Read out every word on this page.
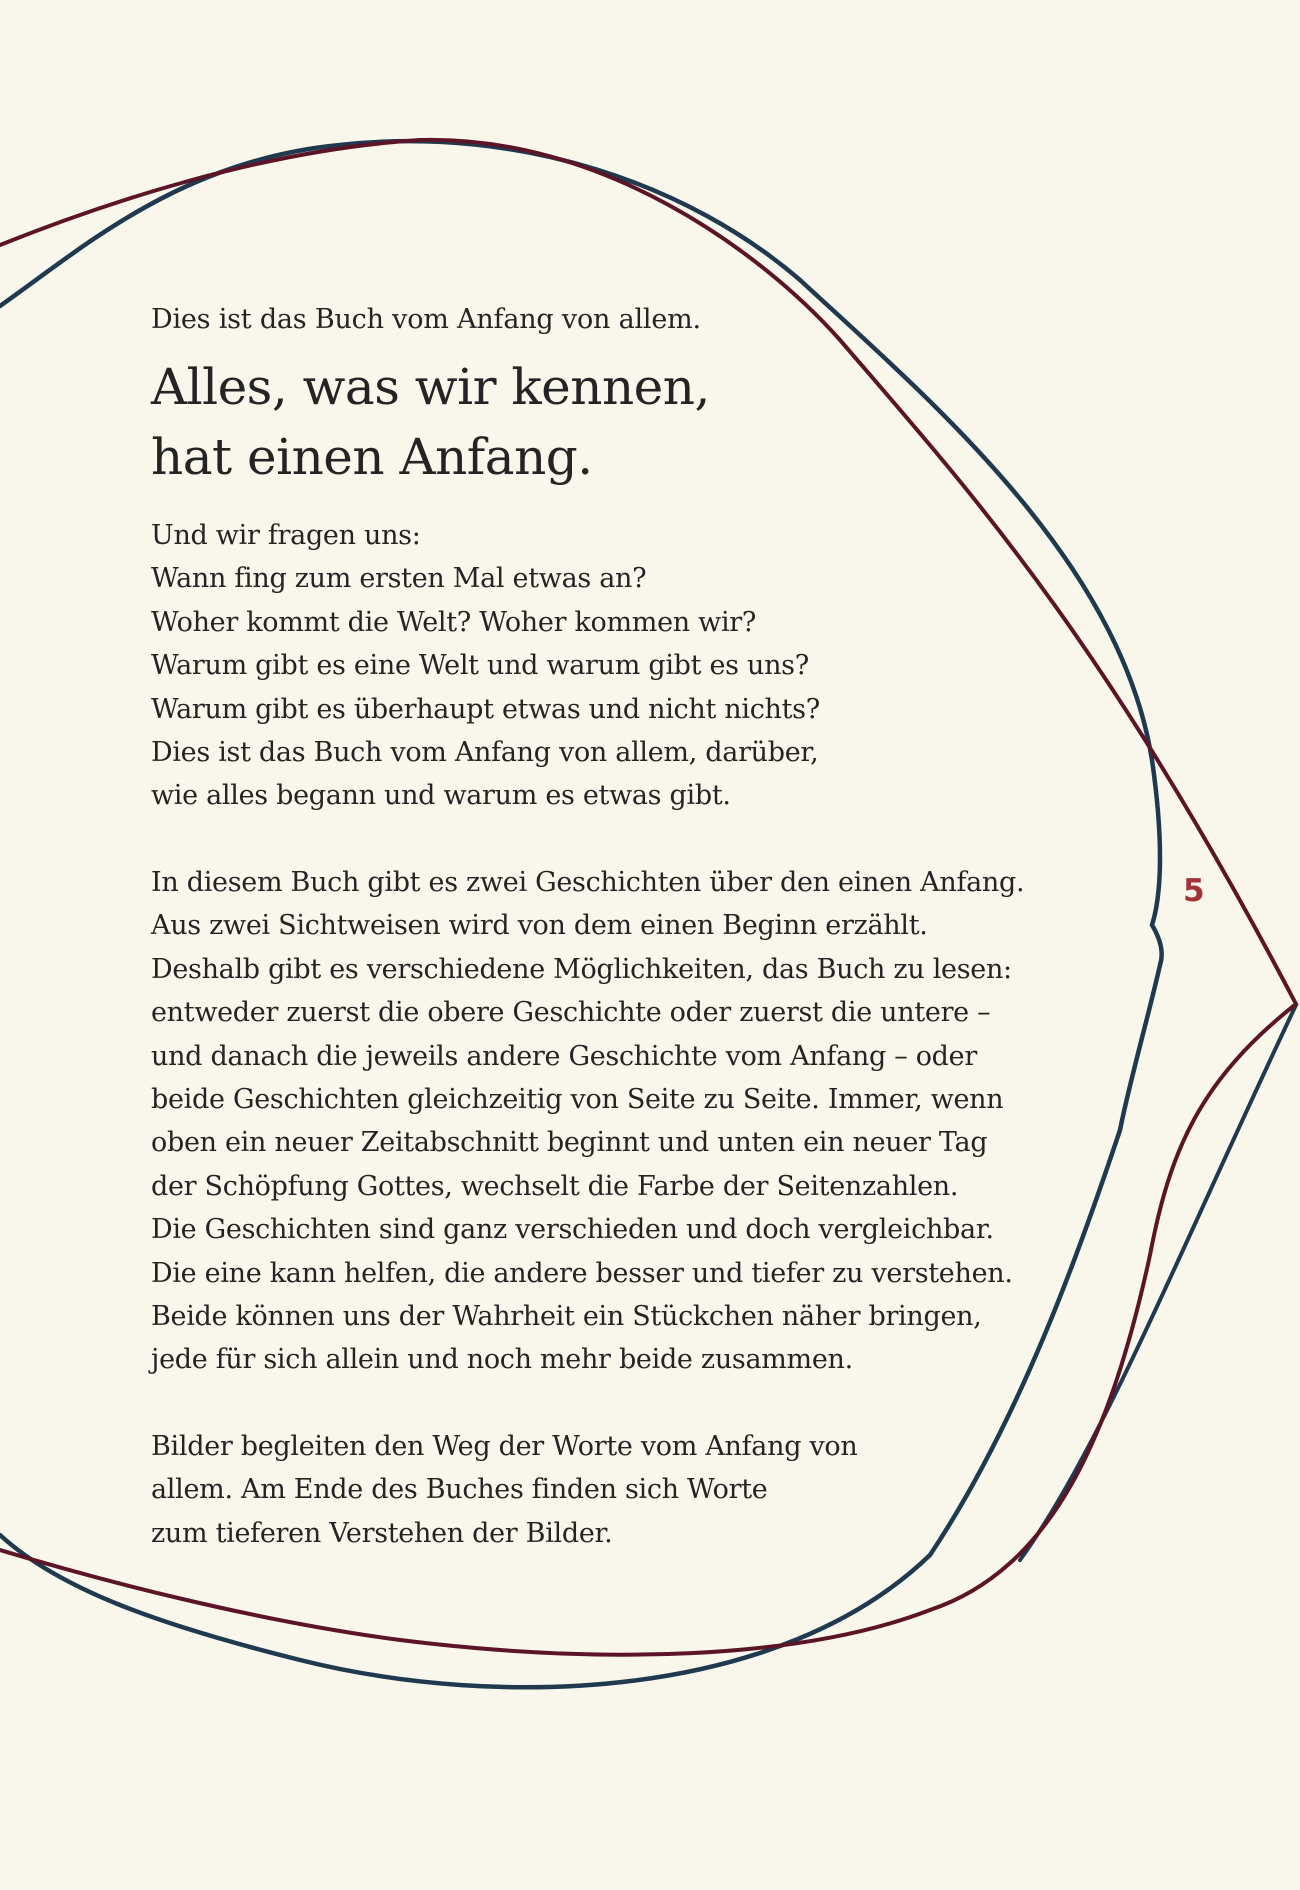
Dies ist das Buch vom Anfang von allem.
Alles, was wir kennen,
hat einen Anfang.
Und wir fragen uns:
Wann fing zum ersten Mal etwas an?
Woher kommt die Welt? Woher kommen wir?
Warum gibt es eine Welt und warum gibt es uns?
Warum gibt es überhaupt etwas und nicht nichts?
Dies ist das Buch vom Anfang von allem, darüber,
wie alles begann und warum es etwas gibt.
In diesem Buch gibt es zwei Geschichten über den einen Anfang.
Aus zwei Sichtweisen wird von dem einen Beginn erzählt.
Deshalb gibt es verschiedene Möglichkeiten, das Buch zu lesen:
entweder zuerst die obere Geschichte oder zuerst die untere –
und danach die jeweils andere Geschichte vom Anfang – oder
beide Geschichten gleichzeitig von Seite zu Seite. Immer, wenn
oben ein neuer Zeitabschnitt beginnt und unten ein neuer Tag
der Schöpfung Gottes, wechselt die Farbe der Seitenzahlen.
Die Geschichten sind ganz verschieden und doch vergleichbar.
Die eine kann helfen, die andere besser und tiefer zu verstehen.
Beide können uns der Wahrheit ein Stückchen näher bringen,
jede für sich allein und noch mehr beide zusammen.
Bilder begleiten den Weg der Worte vom Anfang von
allem. Am Ende des Buches finden sich Worte
zum tieferen Verstehen der Bilder.
5
